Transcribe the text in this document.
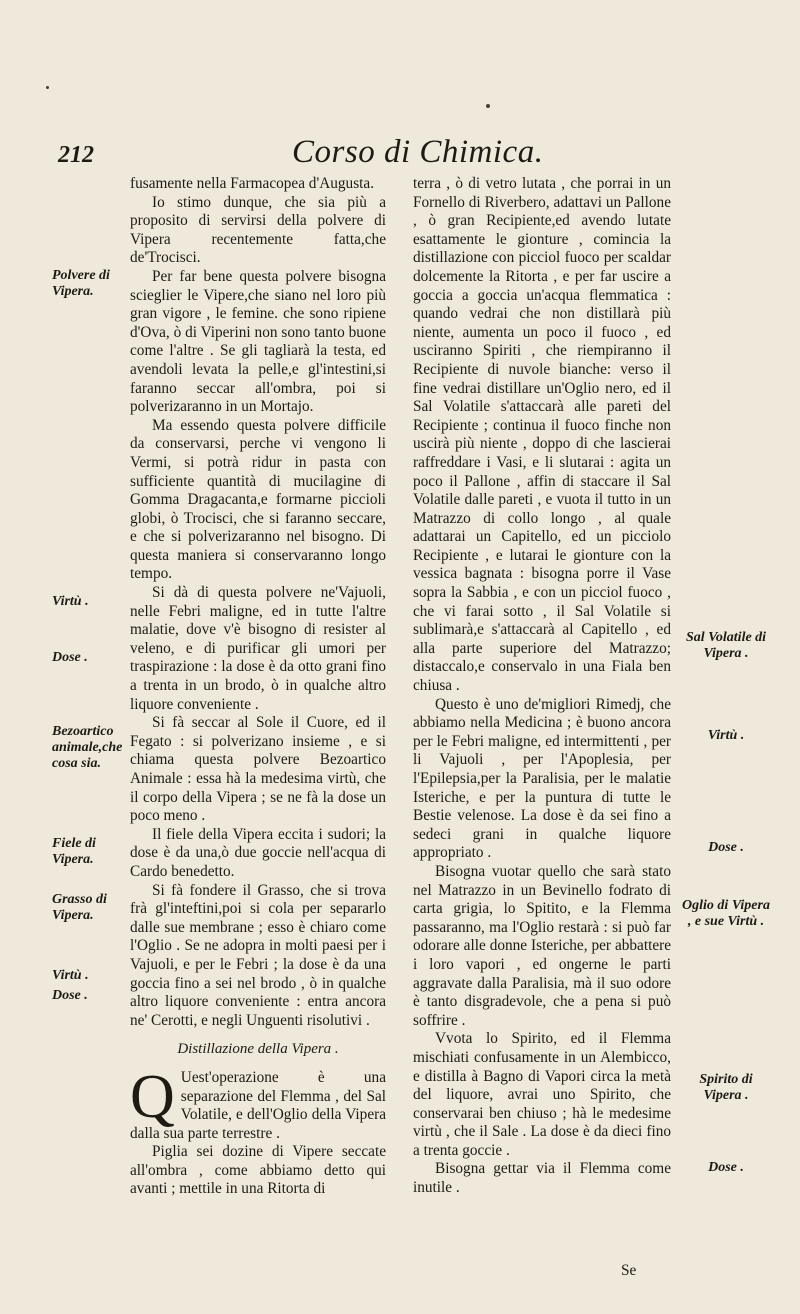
212	Corso di Chimica.
Polvere di Vipera.
Virtù .
Dose .
Bezoartico animale,che cosa sia.
Fiele di Vipera.
Grasso di Vipera.
Virtù .
Dose .

fusamente nella Farmacopea d'Augusta.

Io stimo dunque, che sia più a proposito di servirsi della polvere di Vipera recentemente fatta,che de'Trocisci.

Per far bene questa polvere bisogna scieglier le Vipere,che siano nel loro più gran vigore , le femine. che sono ripiene d'Ova, ò di Viperini non sono tanto buone come l'altre . Se gli tagliarà la testa, ed avendoli levata la pelle,e gl'intestini,si faranno seccar all'ombra, poi si polverizaranno in un Mortajo.

Ma essendo questa polvere difficile da conservarsi, perche vi vengono li Vermi, si potrà ridur in pasta con sufficiente quantità di mucilagine di Gomma Dragacanta,e formarne piccioli globi, ò Trocisci, che si faranno seccare, e che si polverizaranno nel bisogno. Di questa maniera si conservaranno longo tempo.

Si dà di questa polvere ne'Vajuoli, nelle Febri maligne, ed in tutte l'altre malatie, dove v'è bisogno di resister al veleno, e di purificar gli umori per traspirazione : la dose è da otto grani fino a trenta in un brodo, ò in qualche altro liquore conveniente .

Si fà seccar al Sole il Cuore, ed il Fegato : si polverizano insieme , e si chiama questa polvere Bezoartico Animale : essa hà la medesima virtù, che il corpo della Vipera ; se ne fà la dose un poco meno .

Il fiele della Vipera eccita i sudori; la dose è da una,ò due goccie nell'acqua di Cardo benedetto.

Si fà fondere il Grasso, che si trova frà gl'inteftini,poi si cola per separarlo dalle sue membrane ; esso è chiaro come l'Oglio . Se ne adopra in molti paesi per i Vajuoli, e per le Febri ; la dose è da una goccia fino a sei nel brodo , ò in qualche altro liquore conveniente : entra ancora ne' Cerotti, e negli Unguenti risolutivi .

Distillazione della Vipera .

Q Uest'operazione è una separazione del Flemma , del Sal Volatile, e dell'Oglio della Vipera dalla sua parte terrestre .

Piglia sei dozine di Vipere seccate all'ombra , come abbiamo detto qui avanti ; mettile in una Ritorta di

terra , ò di vetro lutata , che porrai in un Fornello di Riverbero, adattavi un Pallone , ò gran Recipiente,ed avendo lutate esattamente le gionture , comincia la distillazione con picciol fuoco per scaldar dolcemente la Ritorta , e per far uscire a goccia a goccia un'acqua flemmatica : quando vedrai che non distillarà più niente, aumenta un poco il fuoco , ed usciranno Spiriti , che riempiranno il Recipiente di nuvole bianche: verso il fine vedrai distillare un'Oglio nero, ed il Sal Volatile s'attaccarà alle pareti del Recipiente ; continua il fuoco finche non uscirà più niente , doppo di che lascierai raffreddare i Vasi, e li slutarai : agita un poco il Pallone , affin di staccare il Sal Volatile dalle pareti , e vuota il tutto in un Matrazzo di collo longo , al quale adattarai un Capitello, ed un picciolo Recipiente , e lutarai le gionture con la vessica bagnata : bisogna porre il Vase sopra la Sabbia , e con un picciol fuoco , che vi farai sotto , il Sal Volatile si sublimarà,e s'attaccarà al Capitello , ed alla parte superiore del Matrazzo; distaccalo,e conservalo in una Fiala ben chiusa .

Questo è uno de'migliori Rimedj, che abbiamo nella Medicina ; è buono ancora per le Febri maligne, ed intermittenti , per li Vajuoli , per l'Apoplesia, per l'Epilepsia,per la Paralisia, per le malatie Isteriche, e per la puntura di tutte le Bestie velenose. La dose è da sei fino a sedeci grani in qualche liquore appropriato .

Bisogna vuotar quello che sarà stato nel Matrazzo in un Bevinello fodrato di carta grigia, lo Spitito, e la Flemma passaranno, ma l'Oglio restarà : si può far odorare alle donne Isteriche, per abbattere i loro vapori , ed ongerne le parti aggravate dalla Paralisia, mà il suo odore è tanto disgradevole, che a pena si può soffrire .

Vvota lo Spirito, ed il Flemma mischiati confusamente in un Alembicco, e distilla à Bagno di Vapori circa la metà del liquore, avrai uno Spirito, che conservarai ben chiuso ; hà le medesime virtù , che il Sale . La dose è da dieci fino a trenta goccie .

Bisogna gettar via il Flemma come inutile .

Sal Volatile di Vipera .
Virtù .
Dose .
Oglio di Vipera , e sue Virtù .
Spirito di Vipera .
Dose .
Se
